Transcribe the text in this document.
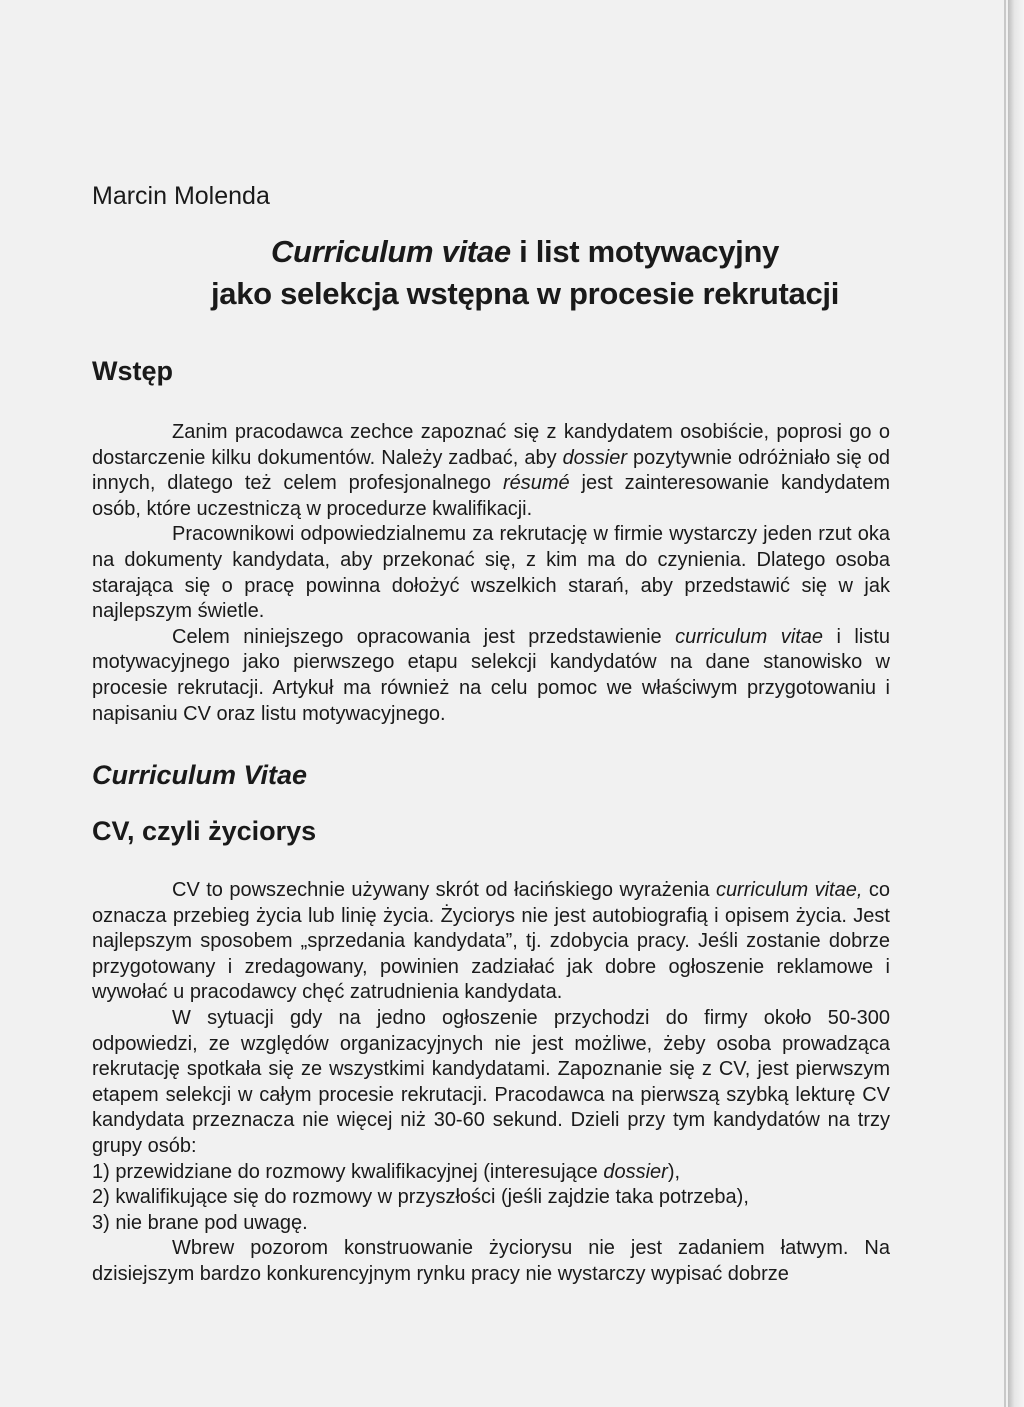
Marcin Molenda
Curriculum vitae i list motywacyjny
jako selekcja wstępna w procesie rekrutacji
Wstęp

Zanim pracodawca zechce zapoznać się z kandydatem osobiście, poprosi go o dostarczenie kilku dokumentów. Należy zadbać, aby dossier pozytywnie odróżniało się od innych, dlatego też celem profesjonalnego résumé jest zainteresowanie kandydatem osób, które uczestniczą w procedurze kwalifikacji.

Pracownikowi odpowiedzialnemu za rekrutację w firmie wystarczy jeden rzut oka na dokumenty kandydata, aby przekonać się, z kim ma do czynienia. Dlatego osoba starająca się o pracę powinna dołożyć wszelkich starań, aby przedstawić się w jak najlepszym świetle.

Celem niniejszego opracowania jest przedstawienie curriculum vitae i listu motywacyjnego jako pierwszego etapu selekcji kandydatów na dane stanowisko w procesie rekrutacji. Artykuł ma również na celu pomoc we właściwym przygotowaniu i napisaniu CV oraz listu motywacyjnego.

Curriculum Vitae
CV, czyli życiorys

CV to powszechnie używany skrót od łacińskiego wyrażenia curriculum vitae, co oznacza przebieg życia lub linię życia. Życiorys nie jest autobiografią i opisem życia. Jest najlepszym sposobem „sprzedania kandydata”, tj. zdobycia pracy. Jeśli zostanie dobrze przygotowany i zredagowany, powinien zadziałać jak dobre ogłoszenie reklamowe i wywołać u pracodawcy chęć zatrudnienia kandydata.

W sytuacji gdy na jedno ogłoszenie przychodzi do firmy około 50-300 odpowiedzi, ze względów organizacyjnych nie jest możliwe, żeby osoba prowadząca rekrutację spotkała się ze wszystkimi kandydatami. Zapoznanie się z CV, jest pierwszym etapem selekcji w całym procesie rekrutacji. Pracodawca na pierwszą szybką lekturę CV kandydata przeznacza nie więcej niż 30-60 sekund. Dzieli przy tym kandydatów na trzy grupy osób:

1) przewidziane do rozmowy kwalifikacyjnej (interesujące dossier),

2) kwalifikujące się do rozmowy w przyszłości (jeśli zajdzie taka potrzeba),

3) nie brane pod uwagę.

Wbrew pozorom konstruowanie życiorysu nie jest zadaniem łatwym. Na dzisiejszym bardzo konkurencyjnym rynku pracy nie wystarczy wypisać dobrze
